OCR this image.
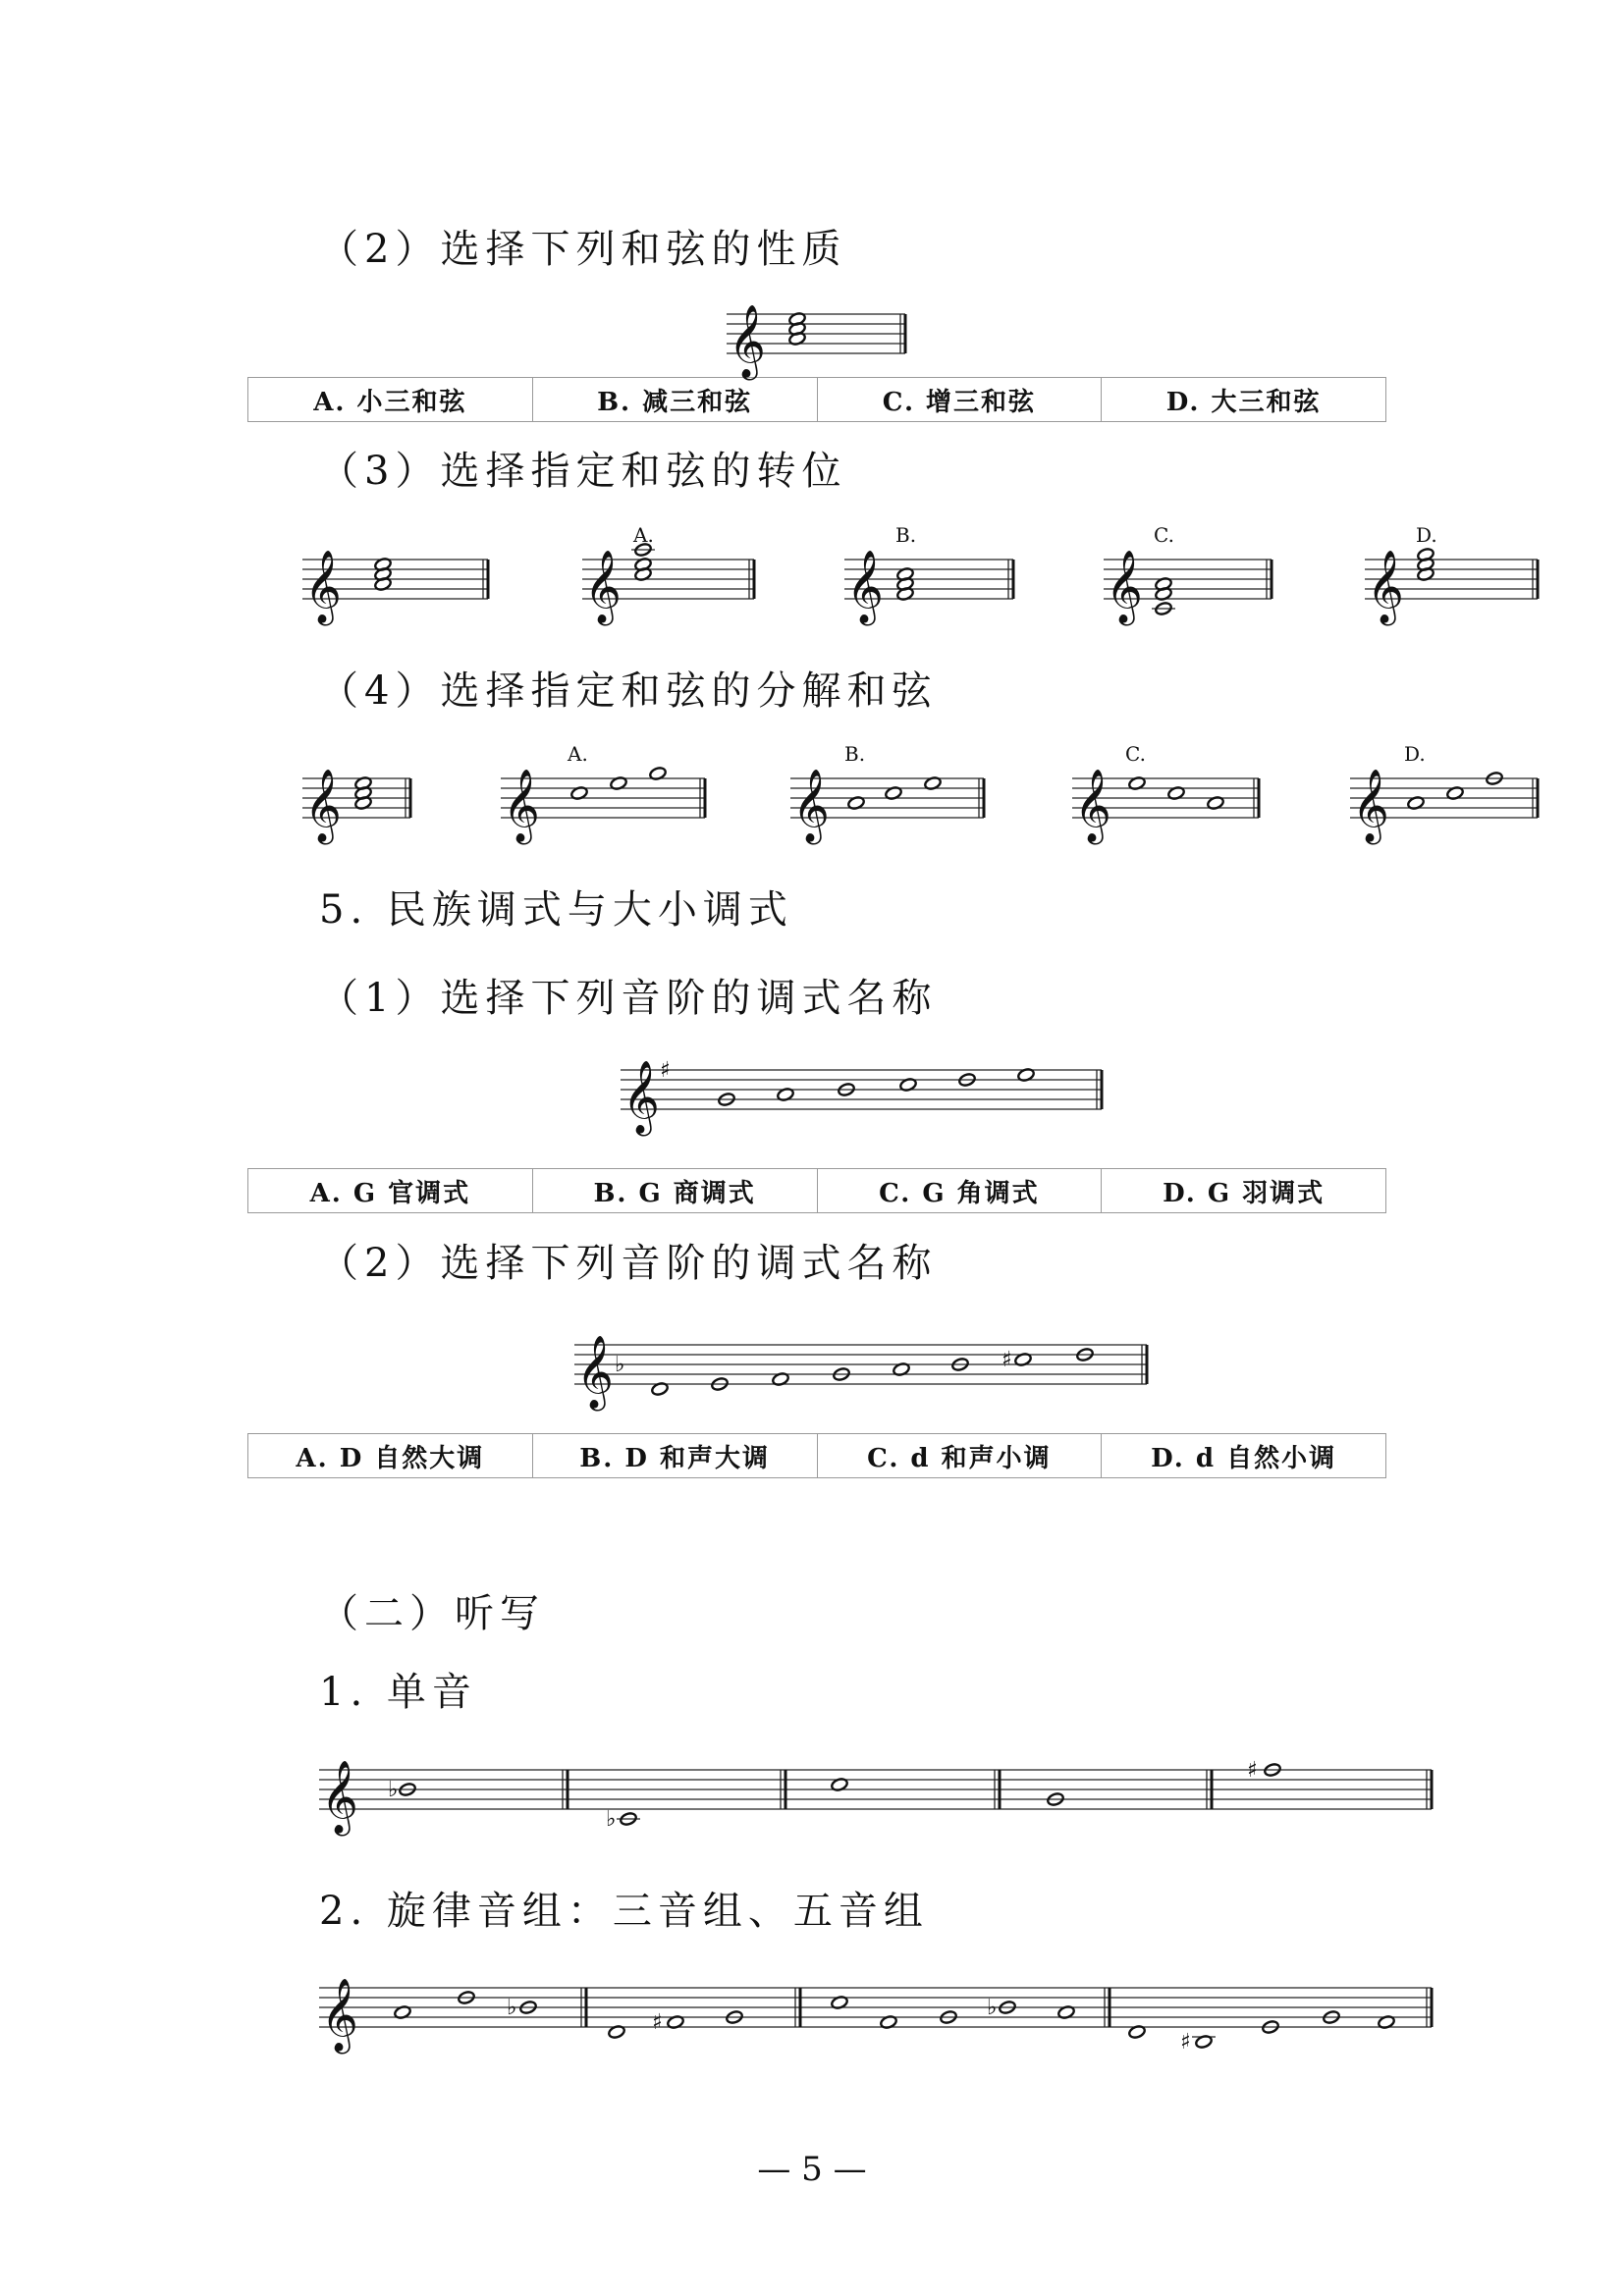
（2）选择下列和弦的性质
A. 小三和弦	B. 减三和弦	C. 增三和弦	D. 大三和弦
（3）选择指定和弦的转位
（4）选择指定和弦的分解和弦
5. 民族调式与大小调式
（1）选择下列音阶的调式名称
A. G 官调式	B. G 商调式	C. G 角调式	D. G 羽调式
（2）选择下列音阶的调式名称
A. D 自然大调	B. D 和声大调	C. d 和声小调	D. d 自然小调
（二）听写
1. 单音
2. 旋律音组：三音组、五音组
— 5 —
𝄞
𝄞	𝄞
A.
𝄞
B.
𝄞
C.
𝄞
D.
𝄞	𝄞
A.
𝄞
B.
𝄞
C.
𝄞
D.
𝄞 ♯
𝄞 ♭	♯
𝄞 ♭
♭
♯
𝄞	♭
♯
♭
♯
